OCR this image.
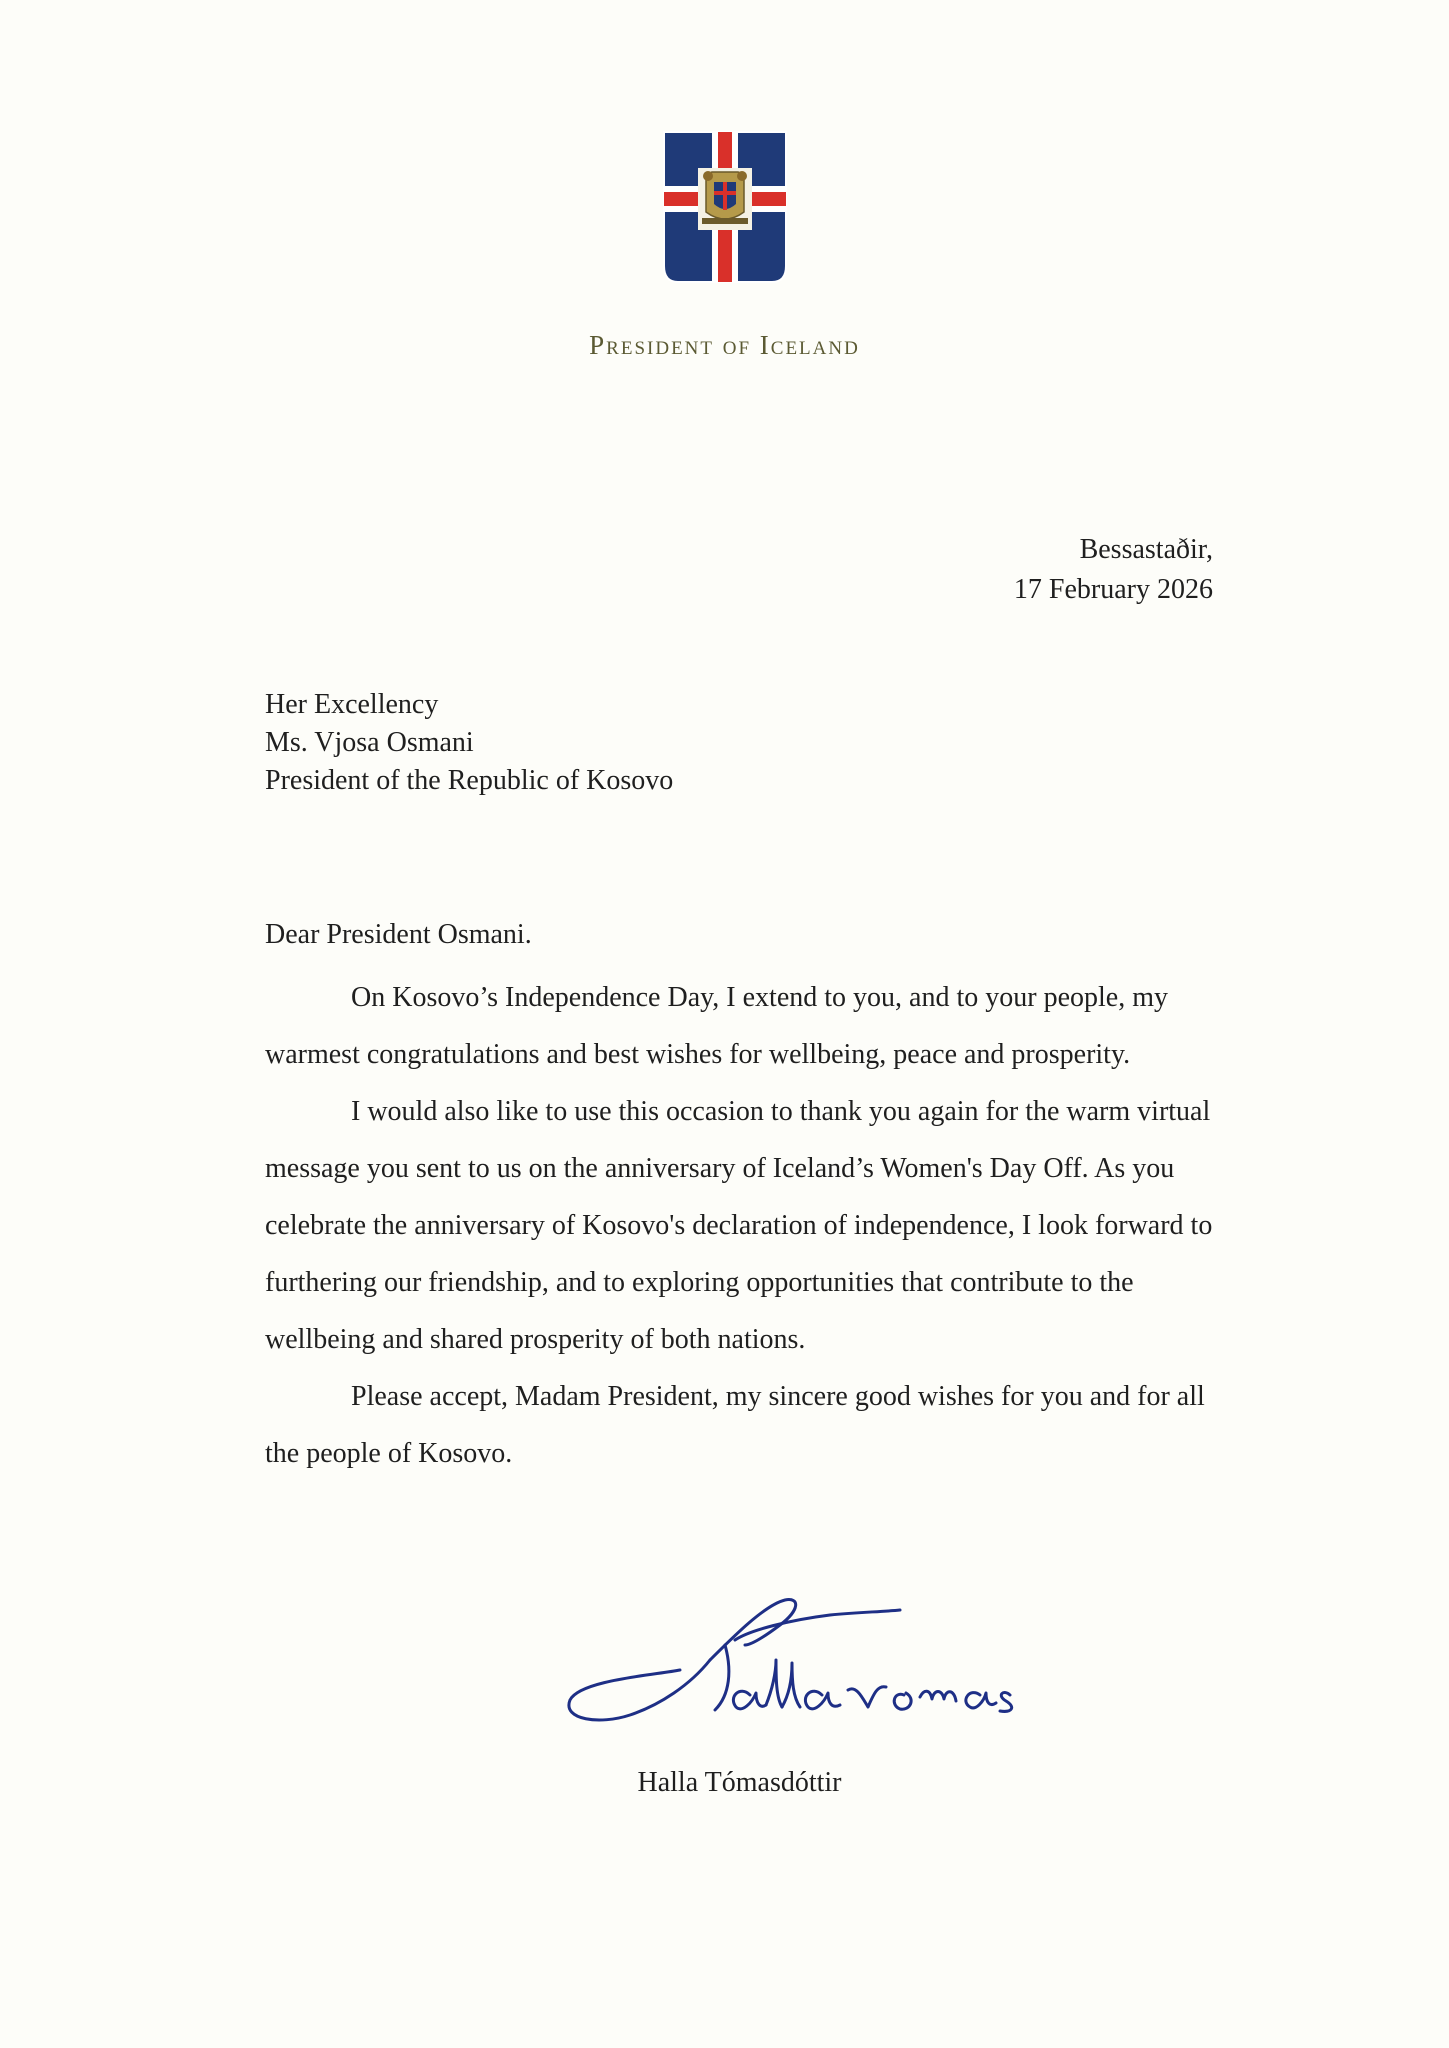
President of Iceland
Bessastaðir,
17 February 2026
Her Excellency
Ms. Vjosa Osmani
President of the Republic of Kosovo

Dear President Osmani.

On Kosovo’s Independence Day, I extend to you, and to your people, my warmest congratulations and best wishes for wellbeing, peace and prosperity.

I would also like to use this occasion to thank you again for the warm virtual message you sent to us on the anniversary of Iceland’s Women's Day Off. As you celebrate the anniversary of Kosovo's declaration of independence, I look forward to furthering our friendship, and to exploring opportunities that contribute to the wellbeing and shared prosperity of both nations.

Please accept, Madam President, my sincere good wishes for you and for all the people of Kosovo.

Halla Tómasdóttir
